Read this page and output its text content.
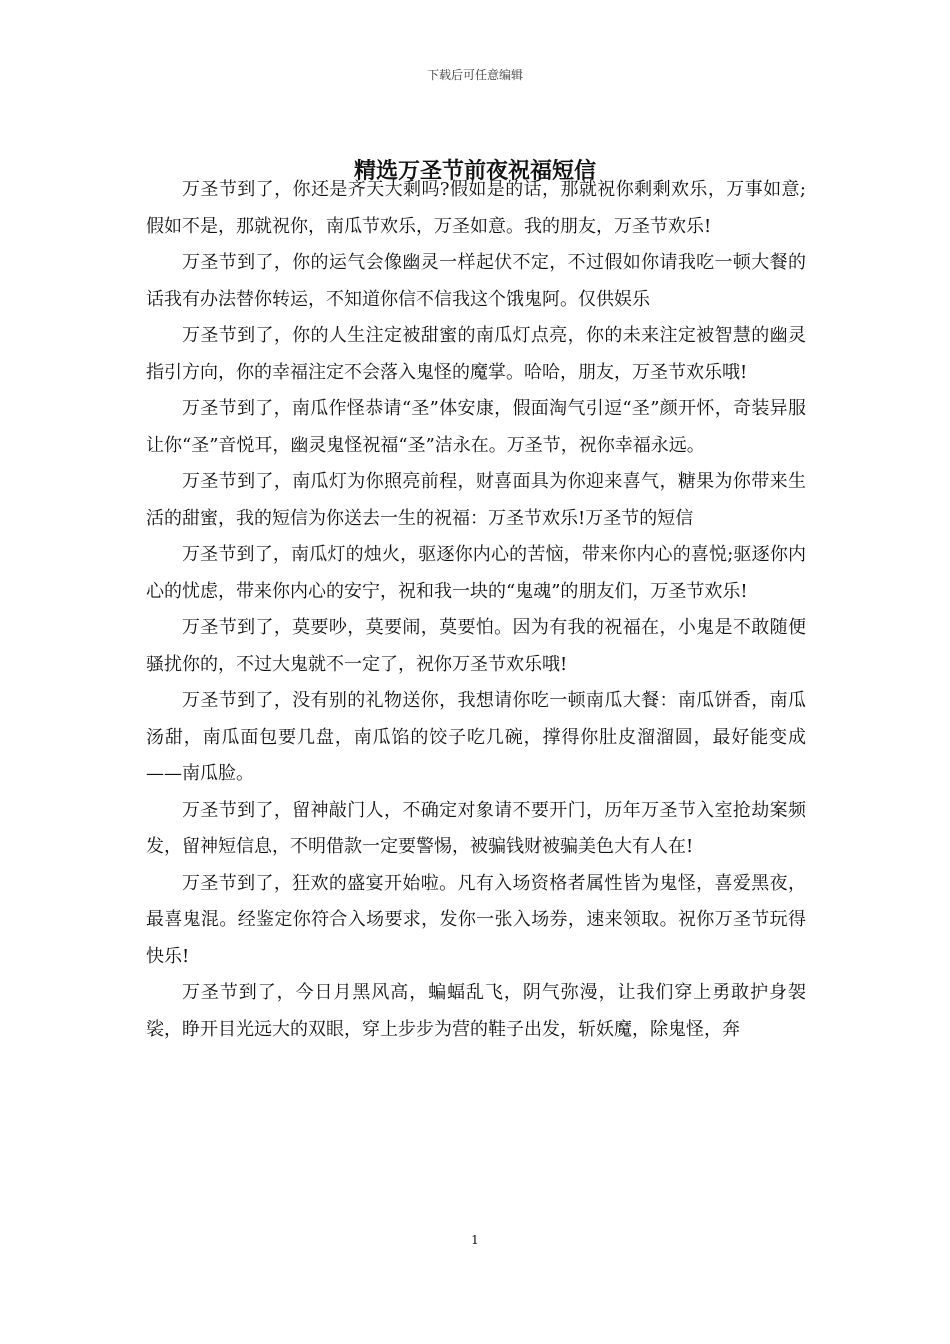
下载后可任意编辑
精选万圣节前夜祝福短信

万圣节到了，你还是齐天大剩吗?假如是的话，那就祝你剩剩欢乐，万事如意;假如不是，那就祝你，南瓜节欢乐，万圣如意。我的朋友，万圣节欢乐!

万圣节到了，你的运气会像幽灵一样起伏不定，不过假如你请我吃一顿大餐的话我有办法替你转运，不知道你信不信我这个饿鬼阿。仅供娱乐

万圣节到了，你的人生注定被甜蜜的南瓜灯点亮，你的未来注定被智慧的幽灵指引方向，你的幸福注定不会落入鬼怪的魔掌。哈哈，朋友，万圣节欢乐哦!

万圣节到了，南瓜作怪恭请“圣”体安康，假面淘气引逗“圣”颜开怀，奇装异服让你“圣”音悦耳，幽灵鬼怪祝福“圣”洁永在。万圣节，祝你幸福永远。

万圣节到了，南瓜灯为你照亮前程，财喜面具为你迎来喜气，糖果为你带来生活的甜蜜，我的短信为你送去一生的祝福：万圣节欢乐!万圣节的短信

万圣节到了，南瓜灯的烛火，驱逐你内心的苦恼，带来你内心的喜悦;驱逐你内心的忧虑，带来你内心的安宁，祝和我一块的“鬼魂”的朋友们，万圣节欢乐!

万圣节到了，莫要吵，莫要闹，莫要怕。因为有我的祝福在，小鬼是不敢随便骚扰你的，不过大鬼就不一定了，祝你万圣节欢乐哦!

万圣节到了，没有别的礼物送你，我想请你吃一顿南瓜大餐：南瓜饼香，南瓜汤甜，南瓜面包要几盘，南瓜馅的饺子吃几碗，撑得你肚皮溜溜圆，最好能变成——南瓜脸。

万圣节到了，留神敲门人，不确定对象请不要开门，历年万圣节入室抢劫案频发，留神短信息，不明借款一定要警惕，被骗钱财被骗美色大有人在!

万圣节到了，狂欢的盛宴开始啦。凡有入场资格者属性皆为鬼怪，喜爱黑夜，最喜鬼混。经鉴定你符合入场要求，发你一张入场券，速来领取。祝你万圣节玩得快乐!

万圣节到了，今日月黑风高，蝙蝠乱飞，阴气弥漫，让我们穿上勇敢护身袈裟，睁开目光远大的双眼，穿上步步为营的鞋子出发，斩妖魔，除鬼怪，奔

1
